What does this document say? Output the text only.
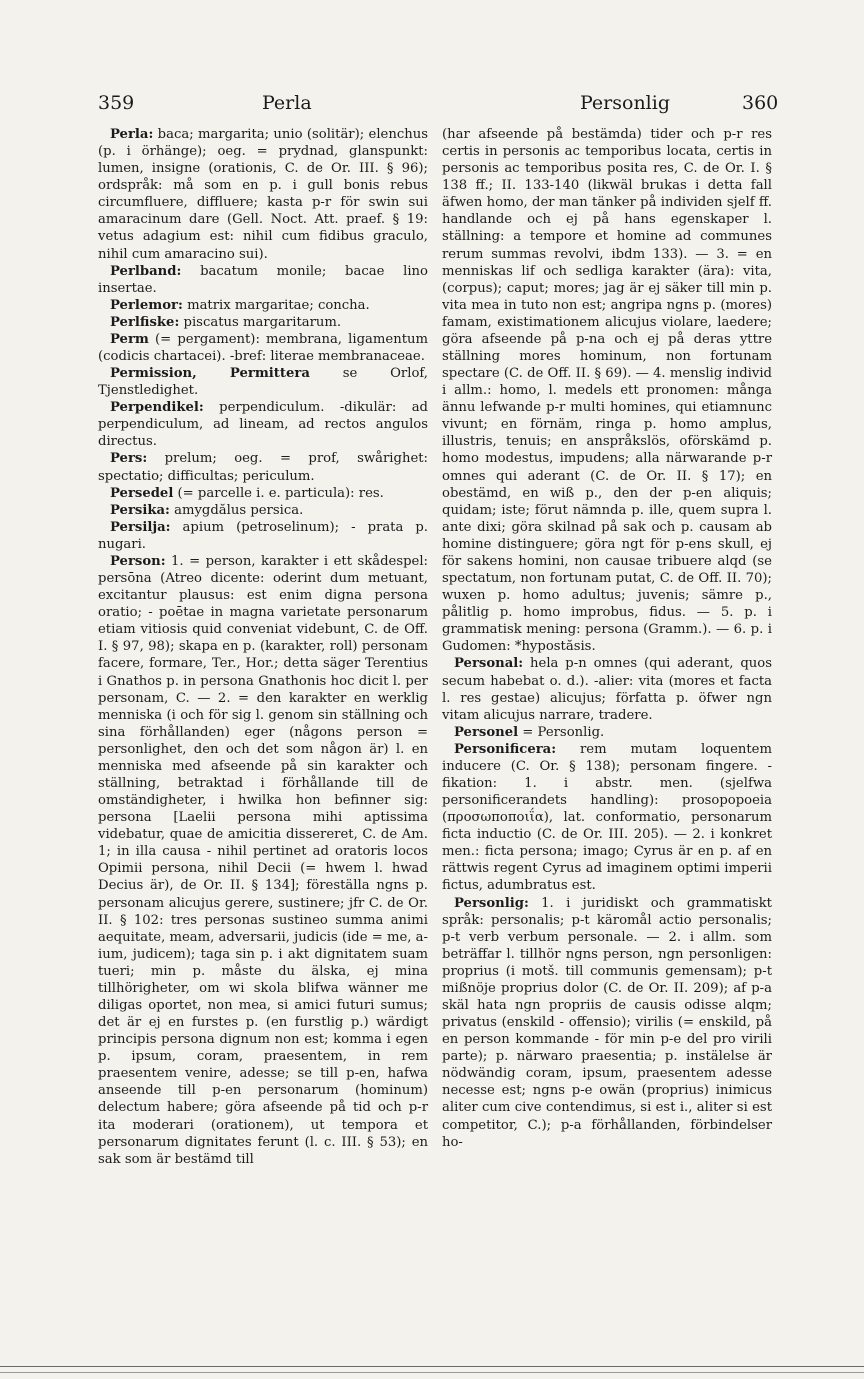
359	Perla	Personlig	360

Perla: baca; margarita; unio (solitär); elenchus (p. i örhänge); oeg. = prydnad, glanspunkt: lumen, insigne (orationis, C. de Or. III. § 96); ordspråk: må som en p. i gull bonis rebus circumfluere, diffluere; kasta p-r för swin sui amaracinum dare (Gell. Noct. Att. praef. § 19: vetus adagium est: nihil cum fidibus graculo, nihil cum amaracino sui).

Perlband: bacatum monile; bacae lino insertae.

Perlemor: matrix margaritae; concha.

Perlfiske: piscatus margaritarum.

Perm (= pergament): membrana, ligamentum (codicis chartacei). -bref: literae membranaceae.

Permission, Permittera se Orlof, Tjenstledighet.

Perpendikel: perpendiculum. -dikulär: ad perpendiculum, ad lineam, ad rectos angulos directus.

Pers: prelum; oeg. = prof, swårighet: spectatio; difficultas; periculum.

Persedel (= parcelle i. e. particula): res.

Persika: amygdălus persica.

Persilja: apium (petroselinum); - prata p. nugari.

Person: 1. = person, karakter i ett skådespel: persōna (Atreo dicente: oderint dum metuant, excitantur plausus: est enim digna persona oratio; - poētae in magna varietate personarum etiam vitiosis quid conveniat videbunt, C. de Off. I. § 97, 98); skapa en p. (karakter, roll) personam facere, formare, Ter., Hor.; detta säger Terentius i Gnathos p. in persona Gnathonis hoc dicit l. per personam, C. — 2. = den karakter en werklig menniska (i och för sig l. genom sin ställning och sina förhållanden) eger (någons person = personlighet, den och det som någon är) l. en menniska med afseende på sin karakter och ställning, betraktad i förhållande till de omständigheter, i hwilka hon befinner sig: persona [Laelii persona mihi aptissima videbatur, quae de amicitia dissereret, C. de Am. 1; in illa causa - nihil pertinet ad oratoris locos Opimii persona, nihil Decii (= hwem l. hwad Decius är), de Or. II. § 134]; föreställa ngns p. personam alicujus gerere, sustinere; jfr C. de Or. II. § 102: tres personas sustineo summa animi aequitate, meam, adversarii, judicis (ide = me, a-ium, judicem); taga sin p. i akt dignitatem suam tueri; min p. måste du älska, ej mina tillhörigheter, om wi skola blifwa wänner me diligas oportet, non mea, si amici futuri sumus; det är ej en furstes p. (en furstlig p.) wärdigt principis persona dignum non est; komma i egen p. ipsum, coram, praesentem, in rem praesentem venire, adesse; se till p-en, hafwa anseende till p-en personarum (hominum) delectum habere; göra afseende på tid och p-r ita moderari (orationem), ut tempora et personarum dignitates ferunt (l. c. III. § 53); en sak som är bestämd till

(har afseende på bestämda) tider och p-r res certis in personis ac temporibus locata, certis in personis ac temporibus posita res, C. de Or. I. § 138 ff.; II. 133-140 (likwäl brukas i detta fall äfwen homo, der man tänker på individen sjelf ff. handlande och ej på hans egenskaper l. ställning: a tempore et homine ad communes rerum summas revolvi, ibdm 133). — 3. = en menniskas lif och sedliga karakter (ära): vita, (corpus); caput; mores; jag är ej säker till min p. vita mea in tuto non est; angripa ngns p. (mores) famam, existimationem alicujus violare, laedere; göra afseende på p-na och ej på deras yttre ställning mores hominum, non fortunam spectare (C. de Off. II. § 69). — 4. menslig individ i allm.: homo, l. medels ett pronomen: många ännu lefwande p-r multi homines, qui etiamnunc vivunt; en förnäm, ringa p. homo amplus, illustris, tenuis; en anspråkslös, oförskämd p. homo modestus, impudens; alla närwarande p-r omnes qui aderant (C. de Or. II. § 17); en obestämd, en wiß p., den der p-en aliquis; quidam; iste; förut nämnda p. ille, quem supra l. ante dixi; göra skilnad på sak och p. causam ab homine distinguere; göra ngt för p-ens skull, ej för sakens homini, non causae tribuere alqd (se spectatum, non fortunam putat, C. de Off. II. 70); wuxen p. homo adultus; juvenis; sämre p., pålitlig p. homo improbus, fidus. — 5. p. i grammatisk mening: persona (Gramm.). — 6. p. i Gudomen: *hypostăsis.

Personal: hela p-n omnes (qui aderant, quos secum habebat o. d.). -alier: vita (mores et facta l. res gestae) alicujus; författa p. öfwer ngn vitam alicujus narrare, tradere.

Personel = Personlig.

Personificera: rem mutam loquentem inducere (C. Or. § 138); personam fingere. -fikation: 1. i abstr. men. (sjelfwa personificerandets handling): prosopopoeia (προσωποποιΐα), lat. conformatio, personarum ficta inductio (C. de Or. III. 205). — 2. i konkret men.: ficta persona; imago; Cyrus är en p. af en rättwis regent Cyrus ad imaginem optimi imperii fictus, adumbratus est.

Personlig: 1. i juridiskt och grammatiskt språk: personalis; p-t käromål actio personalis; p-t verb verbum personale. — 2. i allm. som beträffar l. tillhör ngns person, ngn personligen: proprius (i motš. till communis gemensam); p-t mißnöje proprius dolor (C. de Or. II. 209); af p-a skäl hata ngn propriis de causis odisse alqm; privatus (enskild - offensio); virilis (= enskild, på en person kommande - för min p-e del pro virili parte); p. närwaro praesentia; p. instälelse är nödwändig coram, ipsum, praesentem adesse necesse est; ngns p-e owän (proprius) inimicus aliter cum cive contendimus, si est i., aliter si est competitor, C.); p-a förhållanden, förbindelser ho-
